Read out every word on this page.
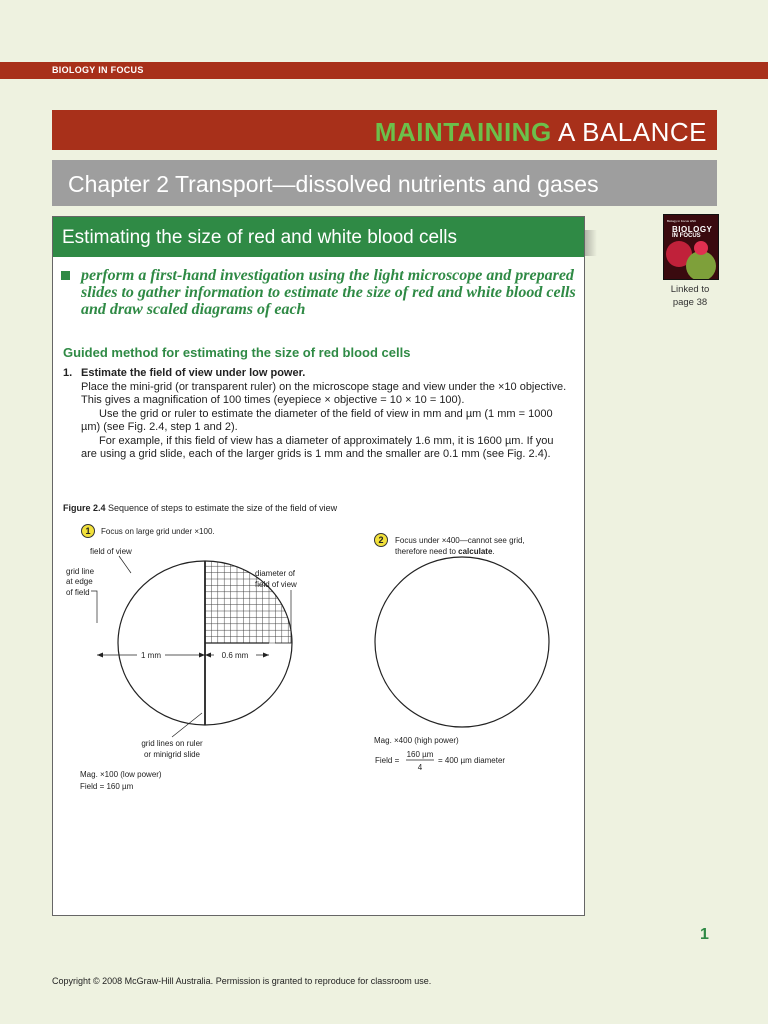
BIOLOGY IN FOCUS
MAINTAINING A BALANCE
Chapter 2 Transport—dissolved nutrients and gases
Estimating the size of red and white blood cells
perform a first-hand investigation using the light microscope and prepared slides to gather information to estimate the size of red and white blood cells and draw scaled diagrams of each
Guided method for estimating the size of red blood cells
1. Estimate the field of view under low power.
Place the mini-grid (or transparent ruler) on the microscope stage and view under the ×10 objective. This gives a magnification of 100 times (eyepiece × objective = 10 × 10 = 100).
Use the grid or ruler to estimate the diameter of the field of view in mm and µm (1 mm = 1000 µm) (see Fig. 2.4, step 1 and 2).
For example, if this field of view has a diameter of approximately 1.6 mm, it is 1600 µm. If you are using a grid slide, each of the larger grids is 1 mm and the smaller are 0.1 mm (see Fig. 2.4).
Figure 2.4 Sequence of steps to estimate the size of the field of view
1	Focus on large grid under ×100.
2	Focus under ×400—cannot see grid, therefore need to calculate.
1 mm	0.6 mm
field of view
grid line
at edge
of field
diameter of
field of view
grid lines on ruler
or minigrid slide
Mag. ×100 (low power)
Field = 160 µm
Mag. ×400 (high power)
Field =
160 µm
4
= 400 µm diameter
Biology in Focus HSC
BIOLOGY
IN FOCUS
Linked to
page 38
1
Copyright © 2008 McGraw-Hill Australia. Permission is granted to reproduce for classroom use.
